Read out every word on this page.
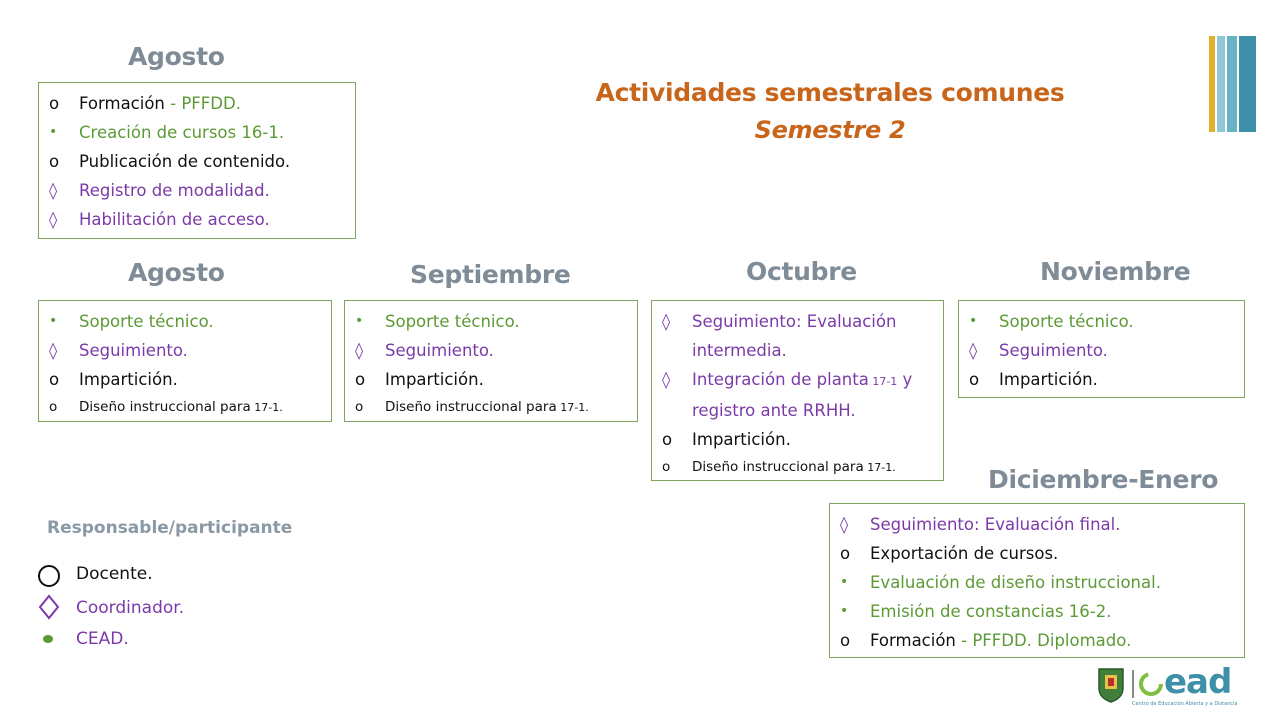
Actividades semestrales comunes
Semestre 2
Agosto
o	Formación - PFFDD.
•	Creación de cursos 16-1.
o	Publicación de contenido.
◊	Registro de modalidad.
◊	Habilitación de acceso.
Agosto
•	Soporte técnico.
◊	Seguimiento.
o	Impartición.
o	Diseño instruccional para 17-1.
Septiembre
•	Soporte técnico.
◊	Seguimiento.
o	Impartición.
o	Diseño instruccional para 17-1.
Octubre
◊	Seguimiento: Evaluación intermedia.
◊	Integración de planta 17-1 y registro ante RRHH.
o	Impartición.
o	Diseño instruccional para 17-1.
Noviembre
•	Soporte técnico.
◊	Seguimiento.
o	Impartición.
Diciembre-Enero
◊	Seguimiento: Evaluación final.
o	Exportación de cursos.
•	Evaluación de diseño instruccional.
•	Emisión de constancias 16-2.
o	Formación - PFFDD. Diplomado.
Responsable/participante
Docente.
Coordinador.
CEAD.
ead
Centro de Educación Abierta y a Distancia
